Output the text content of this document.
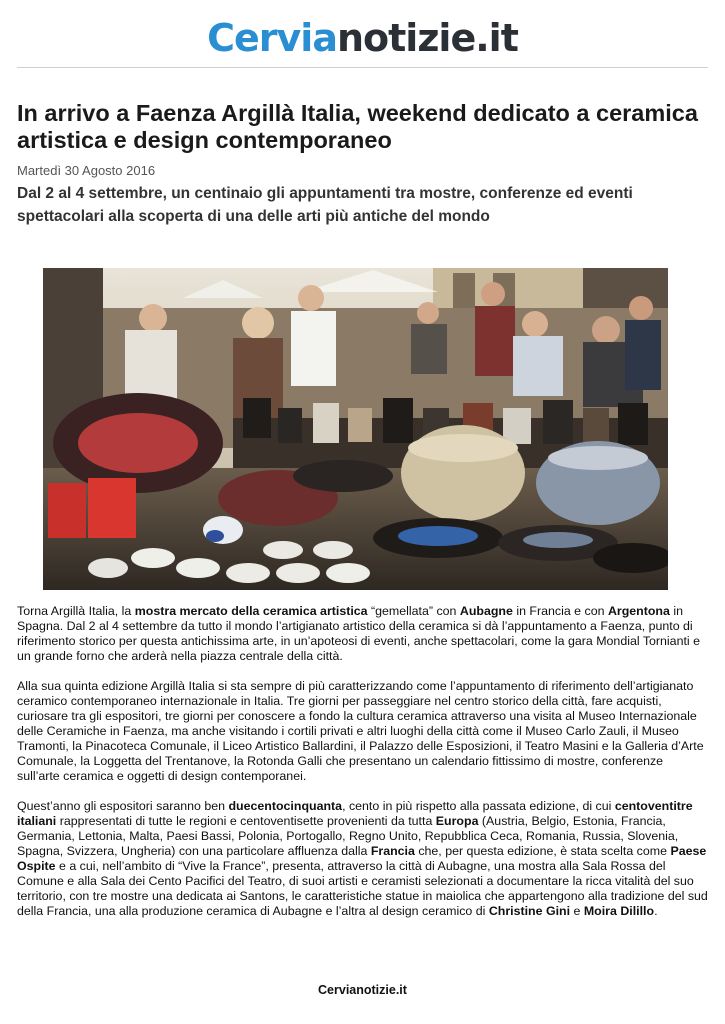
Cervianotizie.it
In arrivo a Faenza Argillà Italia, weekend dedicato a ceramica artistica e design contemporaneo
Martedì 30 Agosto 2016
Dal 2 al 4 settembre, un centinaio gli appuntamenti tra mostre, conferenze ed eventi spettacolari alla scoperta di una delle arti più antiche del mondo

Torna Argillà Italia, la mostra mercato della ceramica artistica “gemellata” con Aubagne in Francia e con Argentona in Spagna. Dal 2 al 4 settembre da tutto il mondo l’artigianato artistico della ceramica si dà l’appuntamento a Faenza, punto di riferimento storico per questa antichissima arte, in un’apoteosi di eventi, anche spettacolari, come la gara Mondial Tornianti e un grande forno che arderà nella piazza centrale della città.

Alla sua quinta edizione Argillà Italia si sta sempre di più caratterizzando come l’appuntamento di riferimento dell’artigianato ceramico contemporaneo internazionale in Italia. Tre giorni per passeggiare nel centro storico della città, fare acquisti, curiosare tra gli espositori, tre giorni per conoscere a fondo la cultura ceramica attraverso una visita al Museo Internazionale delle Ceramiche in Faenza, ma anche visitando i cortili privati e altri luoghi della città come il Museo Carlo Zauli, il Museo Tramonti, la Pinacoteca Comunale, il Liceo Artistico Ballardini, il Palazzo delle Esposizioni, il Teatro Masini e la Galleria d’Arte Comunale, la Loggetta del Trentanove, la Rotonda Galli che presentano un calendario fittissimo di mostre, conferenze sull’arte ceramica e oggetti di design contemporanei.

Quest’anno gli espositori saranno ben duecentocinquanta, cento in più rispetto alla passata edizione, di cui centoventitre italiani rappresentati di tutte le regioni e centoventisette provenienti da tutta Europa (Austria, Belgio, Estonia, Francia, Germania, Lettonia, Malta, Paesi Bassi, Polonia, Portogallo, Regno Unito, Repubblica Ceca, Romania, Russia, Slovenia, Spagna, Svizzera, Ungheria) con una particolare affluenza dalla Francia che, per questa edizione, è stata scelta come Paese Ospite e a cui, nell’ambito di “Vive la France”, presenta, attraverso la città di Aubagne, una mostra alla Sala Rossa del Comune e alla Sala dei Cento Pacifici del Teatro, di suoi artisti e ceramisti selezionati a documentare la ricca vitalità del suo territorio, con tre mostre una dedicata ai Santons, le caratteristiche statue in maiolica che appartengono alla tradizione del sud della Francia, una alla produzione ceramica di Aubagne e l’altra al design ceramico di Christine Gini e Moira Dilillo.

Cervianotizie.it
